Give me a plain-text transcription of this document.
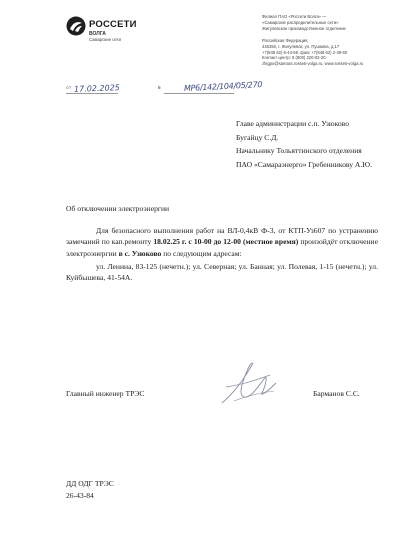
РОССЕТИ
ВОЛГА
Самарские сети
Филиал ПАО «Россети Волга» —
«Самарские распределительные сети»
Жигулевское производственное отделение
Российская Федерация,
445350, г. Жигулевск, ул. Пушкина, д.17
+7(848 62) 6-43-59, факс +7(848 62) 2-39-50
Контакт-центр: 8 (800) 220-02-20
zhigpo@samara.rosseti-volga.ru, www.rosseti-volga.ru
от 17.02.2025	№	МР6/142/104/05/270
Главе администрации с.п. Узюково
Бугайцу С.Д.
Начальнику Тольяттинского отделения
ПАО «Самараэнерго» Гребенникову А.Ю.
Об отключении электроэнергии

Для безопасного выполнения работ на ВЛ-0,4кВ Ф-3, от КТП-Уз607 по устранению замечаний по кап.ремонту 18.02.25 г. с 10-00 до 12-00 (местное время) произойдёт отключение электроэнергии в с. Узюково по следующим адресам:

ул. Ленина, 83-125 (нечетн.); ул. Северная; ул. Банная; ул. Полевая, 1-15 (нечетн.); ул. Куйбышева, 41-54А.

Главный инженер ТРЭС	Барманов С.С.
ДД ОДГ ТРЭС
26-43-84
